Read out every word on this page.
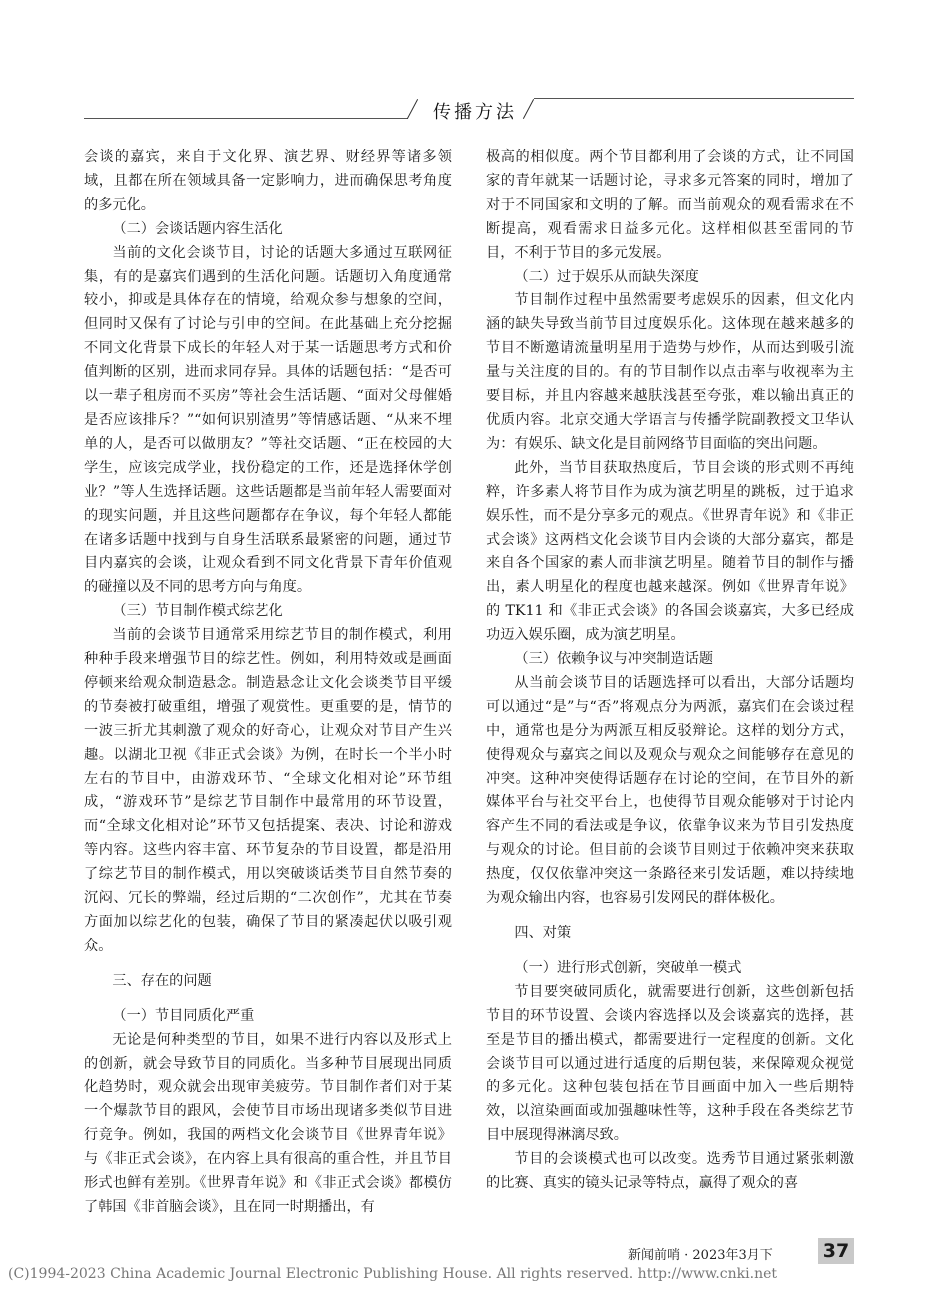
传播方法

会谈的嘉宾，来自于文化界、演艺界、财经界等诸多领域，且都在所在领域具备一定影响力，进而确保思考角度的多元化。

（二）会谈话题内容生活化

当前的文化会谈节目，讨论的话题大多通过互联网征集，有的是嘉宾们遇到的生活化问题。话题切入角度通常较小，抑或是具体存在的情境，给观众参与想象的空间，但同时又保有了讨论与引申的空间。在此基础上充分挖掘不同文化背景下成长的年轻人对于某一话题思考方式和价值判断的区别，进而求同存异。具体的话题包括：“是否可以一辈子租房而不买房”等社会生活话题、“面对父母催婚是否应该排斥？”“如何识别渣男”等情感话题、“从来不埋单的人，是否可以做朋友？”等社交话题、“正在校园的大学生，应该完成学业，找份稳定的工作，还是选择休学创业？”等人生选择话题。这些话题都是当前年轻人需要面对的现实问题，并且这些问题都存在争议，每个年轻人都能在诸多话题中找到与自身生活联系最紧密的问题，通过节目内嘉宾的会谈，让观众看到不同文化背景下青年价值观的碰撞以及不同的思考方向与角度。

（三）节目制作模式综艺化

当前的会谈节目通常采用综艺节目的制作模式，利用种种手段来增强节目的综艺性。例如，利用特效或是画面停顿来给观众制造悬念。制造悬念让文化会谈类节目平缓的节奏被打破重组，增强了观赏性。更重要的是，情节的一波三折尤其刺激了观众的好奇心，让观众对节目产生兴趣。以湖北卫视《非正式会谈》为例，在时长一个半小时左右的节目中，由游戏环节、“全球文化相对论”环节组成，“游戏环节”是综艺节目制作中最常用的环节设置，而“全球文化相对论”环节又包括提案、表决、讨论和游戏等内容。这些内容丰富、环节复杂的节目设置，都是沿用了综艺节目的制作模式，用以突破谈话类节目自然节奏的沉闷、冗长的弊端，经过后期的“二次创作”，尤其在节奏方面加以综艺化的包装，确保了节目的紧凑起伏以吸引观众。

三、存在的问题

（一）节目同质化严重

无论是何种类型的节目，如果不进行内容以及形式上的创新，就会导致节目的同质化。当多种节目展现出同质化趋势时，观众就会出现审美疲劳。节目制作者们对于某一个爆款节目的跟风，会使节目市场出现诸多类似节目进行竞争。例如，我国的两档文化会谈节目《世界青年说》与《非正式会谈》，在内容上具有很高的重合性，并且节目形式也鲜有差别。《世界青年说》和《非正式会谈》都模仿了韩国《非首脑会谈》，且在同一时期播出，有

极高的相似度。两个节目都利用了会谈的方式，让不同国家的青年就某一话题讨论，寻求多元答案的同时，增加了对于不同国家和文明的了解。而当前观众的观看需求在不断提高，观看需求日益多元化。这样相似甚至雷同的节目，不利于节目的多元发展。

（二）过于娱乐从而缺失深度

节目制作过程中虽然需要考虑娱乐的因素，但文化内涵的缺失导致当前节目过度娱乐化。这体现在越来越多的节目不断邀请流量明星用于造势与炒作，从而达到吸引流量与关注度的目的。有的节目制作以点击率与收视率为主要目标，并且内容越来越肤浅甚至夸张，难以输出真正的优质内容。北京交通大学语言与传播学院副教授文卫华认为：有娱乐、缺文化是目前网络节目面临的突出问题。

此外，当节目获取热度后，节目会谈的形式则不再纯粹，许多素人将节目作为成为演艺明星的跳板，过于追求娱乐性，而不是分享多元的观点。《世界青年说》和《非正式会谈》这两档文化会谈节目内会谈的大部分嘉宾，都是来自各个国家的素人而非演艺明星。随着节目的制作与播出，素人明星化的程度也越来越深。例如《世界青年说》的 TK11 和《非正式会谈》的各国会谈嘉宾，大多已经成功迈入娱乐圈，成为演艺明星。

（三）依赖争议与冲突制造话题

从当前会谈节目的话题选择可以看出，大部分话题均可以通过“是”与“否”将观点分为两派，嘉宾们在会谈过程中，通常也是分为两派互相反驳辩论。这样的划分方式，使得观众与嘉宾之间以及观众与观众之间能够存在意见的冲突。这种冲突使得话题存在讨论的空间，在节目外的新媒体平台与社交平台上，也使得节目观众能够对于讨论内容产生不同的看法或是争议，依靠争议来为节目引发热度与观众的讨论。但目前的会谈节目则过于依赖冲突来获取热度，仅仅依靠冲突这一条路径来引发话题，难以持续地为观众输出内容，也容易引发网民的群体极化。

四、对策

（一）进行形式创新，突破单一模式

节目要突破同质化，就需要进行创新，这些创新包括节目的环节设置、会谈内容选择以及会谈嘉宾的选择，甚至是节目的播出模式，都需要进行一定程度的创新。文化会谈节目可以通过进行适度的后期包装，来保障观众视觉的多元化。这种包装包括在节目画面中加入一些后期特效，以渲染画面或加强趣味性等，这种手段在各类综艺节目中展现得淋漓尽致。

节目的会谈模式也可以改变。选秀节目通过紧张刺激的比赛、真实的镜头记录等特点，赢得了观众的喜

新闻前哨 · 2023年3月下	37
(C)1994-2023 China Academic Journal Electronic Publishing House. All rights reserved. http://www.cnki.net
